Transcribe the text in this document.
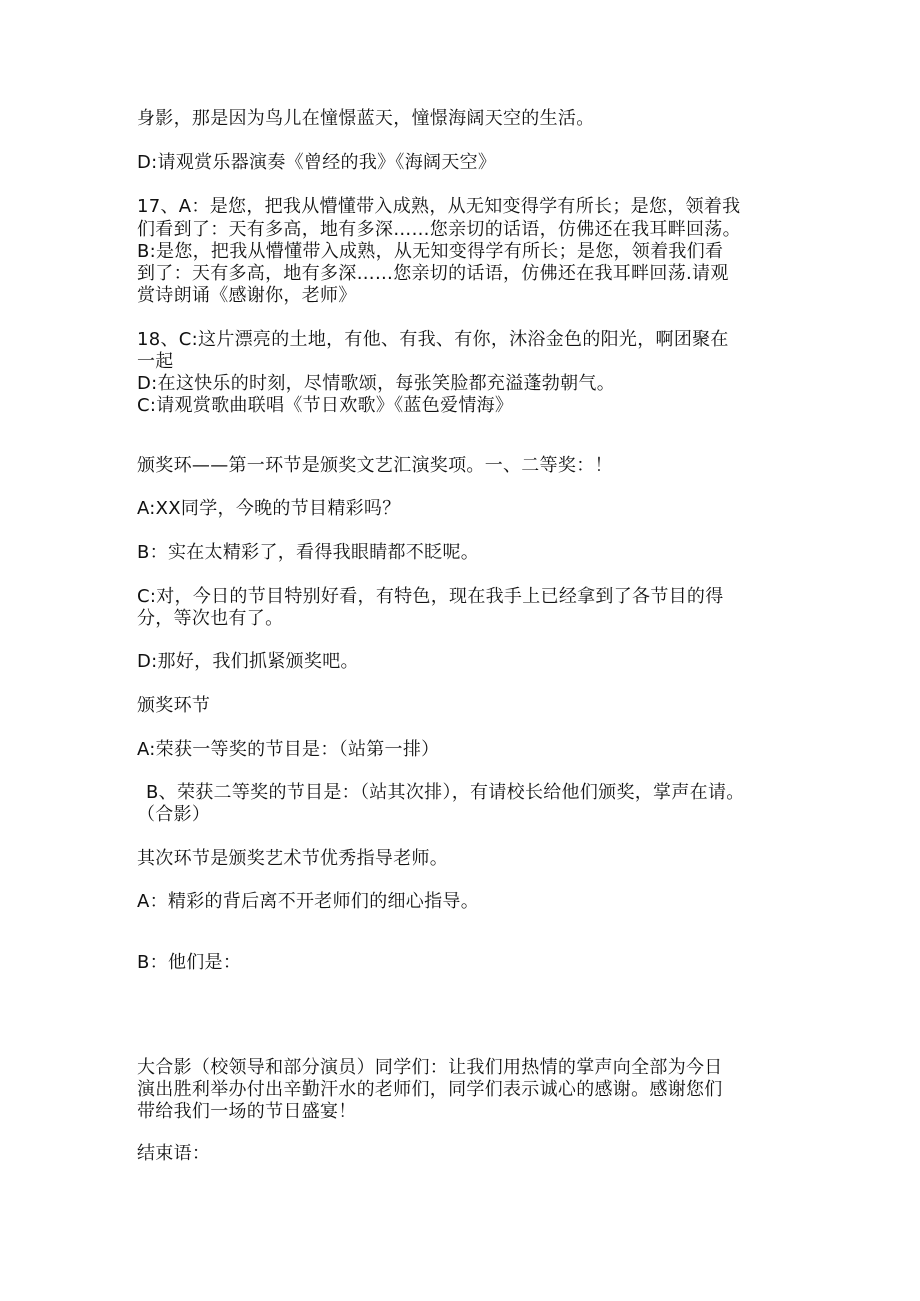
身影，那是因为鸟儿在憧憬蓝天，憧憬海阔天空的生活。
D:请观赏乐器演奏《曾经的我》《海阔天空》
17、A：是您，把我从懵懂带入成熟，从无知变得学有所长；是您，领着我
们看到了：天有多高，地有多深……您亲切的话语，仿佛还在我耳畔回荡。
B:是您，把我从懵懂带入成熟，从无知变得学有所长；是您，领着我们看
到了：天有多高，地有多深……您亲切的话语，仿佛还在我耳畔回荡.请观
赏诗朗诵《感谢你，老师》
18、C:这片漂亮的土地，有他、有我、有你，沐浴金色的阳光，啊团聚在
一起
D:在这快乐的时刻，尽情歌颂，每张笑脸都充溢蓬勃朝气。
C:请观赏歌曲联唱《节日欢歌》《蓝色爱情海》
颁奖环——第一环节是颁奖文艺汇演奖项。一、二等奖：！
A:XX同学，今晚的节目精彩吗？
B：实在太精彩了，看得我眼睛都不眨呢。
C:对，今日的节目特别好看，有特色，现在我手上已经拿到了各节目的得
分，等次也有了。
D:那好，我们抓紧颁奖吧。
颁奖环节
A:荣获一等奖的节目是：（站第一排）
B、荣获二等奖的节目是：（站其次排），有请校长给他们颁奖，掌声在请。
（合影）
其次环节是颁奖艺术节优秀指导老师。
A：精彩的背后离不开老师们的细心指导。
B：他们是：
大合影（校领导和部分演员）同学们：让我们用热情的掌声向全部为今日
演出胜利举办付出辛勤汗水的老师们，同学们表示诚心的感谢。感谢您们
带给我们一场的节日盛宴！
结束语：
